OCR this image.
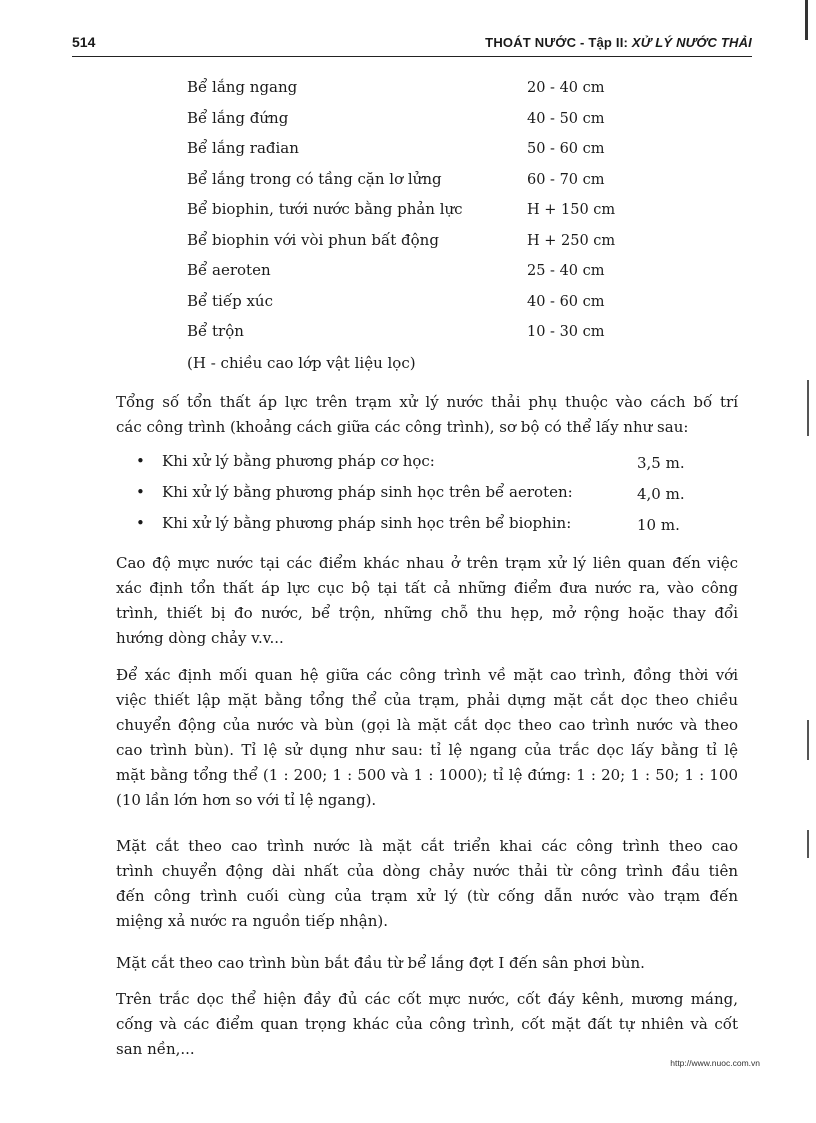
514	THOÁT NƯỚC - Tập II: XỬ LÝ NƯỚC THẢI
Bể lắng ngang	20 - 40 cm
Bể lắng đứng	40 - 50 cm
Bể lắng rađian	50 - 60 cm
Bể lắng trong có tầng cặn lơ lửng	60 - 70 cm
Bể biophin, tưới nước bằng phản lực	H + 150 cm
Bể biophin với vòi phun bất động	H + 250 cm
Bể aeroten	25 - 40 cm
Bể tiếp xúc	40 - 60 cm
Bể trộn	10 - 30 cm
(H - chiều cao lớp vật liệu lọc)
Tổng số tổn thất áp lực trên trạm xử lý nước thải phụ thuộc vào cách bố trí
các công trình (khoảng cách giữa các công trình), sơ bộ có thể lấy như sau:
• Khi xử lý bằng phương pháp cơ học:	3,5 m.
• Khi xử lý bằng phương pháp sinh học trên bể aeroten:	4,0 m.
• Khi xử lý bằng phương pháp sinh học trên bể biophin:	10 m.
Cao độ mực nước tại các điểm khác nhau ở trên trạm xử lý liên quan đến việc
xác định tổn thất áp lực cục bộ tại tất cả những điểm đưa nước ra, vào công
trình, thiết bị đo nước, bể trộn, những chỗ thu hẹp, mở rộng hoặc thay đổi
hướng dòng chảy v.v...
Để xác định mối quan hệ giữa các công trình về mặt cao trình, đồng thời với
việc thiết lập mặt bằng tổng thể của trạm, phải dựng mặt cắt dọc theo chiều
chuyển động của nước và bùn (gọi là mặt cắt dọc theo cao trình nước và theo
cao trình bùn). Tỉ lệ sử dụng như sau: tỉ lệ ngang của trắc dọc lấy bằng tỉ lệ
mặt bằng tổng thể (1 : 200; 1 : 500 và 1 : 1000); tỉ lệ đứng: 1 : 20; 1 : 50; 1 : 100
(10 lần lớn hơn so với tỉ lệ ngang).
Mặt cắt theo cao trình nước là mặt cắt triển khai các công trình theo cao
trình chuyển động dài nhất của dòng chảy nước thải từ công trình đầu tiên
đến công trình cuối cùng của trạm xử lý (từ cống dẫn nước vào trạm đến
miệng xả nước ra nguồn tiếp nhận).
Mặt cắt theo cao trình bùn bắt đầu từ bể lắng đợt I đến sân phơi bùn.
Trên trắc dọc thể hiện đầy đủ các cốt mực nước, cốt đáy kênh, mương máng,
cống và các điểm quan trọng khác của công trình, cốt mặt đất tự nhiên và cốt
san nền,...
http://www.nuoc.com.vn
